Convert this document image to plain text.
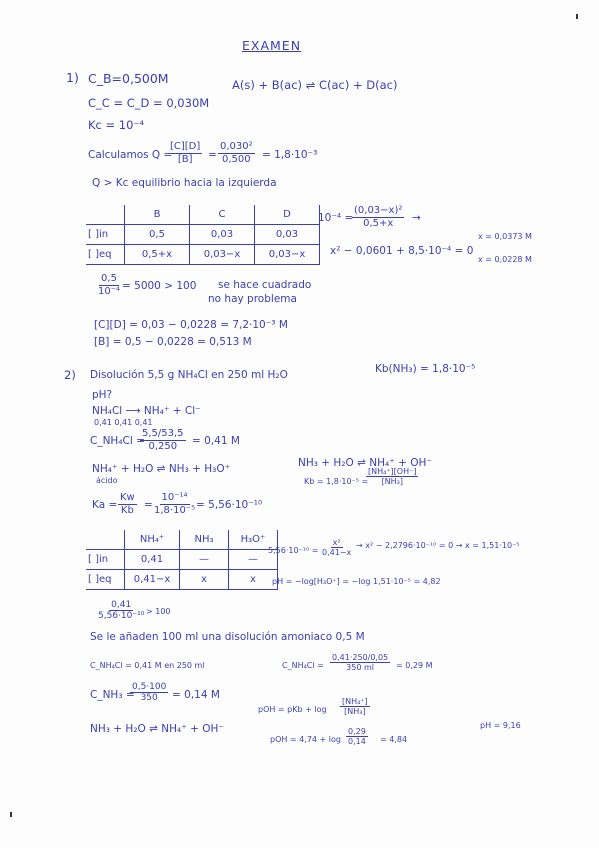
EXAMEN
1) C_B=0,500M	A(s) + B(ac) ⇌ C(ac) + D(ac)
C_C = C_D = 0,030M
Kc = 10⁻⁴
Calculamos Q =
$\frac{[C][D]}{[B]} = \frac{\text{0,030²}}{0,500} = 1,8\cdot 10^{-3}$
Q > Kc equilibrio hacia la izquierda
	B	C	D
[ ]in	0,5	0,03	0,03
[ ]eq	0,5+x	0,03−x	0,03−x
10⁻⁴ =
$\frac{\text{(0,03−x)²}}{0,5+x}$ →
x² − 0,0601 + 8,5·10⁻⁴ = 0
x = 0,0373 M
x = 0,0228 M
$\frac{0,5}{\text{10⁻⁴}} = 5000 > 100$ se hace cuadrado
no hay problema
[C][D] = 0,03 − 0,0228 = 7,2·10⁻³ M
[B] = 0,5 − 0,0228 = 0,513 M
2) Disolución 5,5 g NH₄Cl en 250 ml H₂O	Kb(NH₃) = 1,8·10⁻⁵
pH?
NH₄Cl ⟶ NH₄⁺ + Cl⁻
0,41 0,41 0,41
C_NH₄Cl =
$\frac{5,5/53,5}{0,250} = 0,41$ M
NH₄⁺ + H₂O ⇌ NH₃ + H₃O⁺
ácido
NH₃ + H₂O ⇌ NH₄⁺ + OH⁻
Kb = 1,8·10⁻⁵ =
$\frac{\text{[NH₄⁺][OH⁻]}}{\text{[NH₃]}}$
$Ka = \frac{Kw}{Kb} = \frac{\text{10⁻¹⁴}}{\text{1,8·10⁻⁵}}$
= 5,56·10⁻¹⁰
	NH₄⁺	NH₃	H₃O⁺
[ ]in	0,41	—	—
[ ]eq	0,41−x	x	x
$5,56\cdot 10^{-10} = \frac{\text{x²}}{0,41-x} \to x^2 - 2,2796\cdot 10^{-10} = 0 \to x = 1,51\cdot 10^{-5}$
pH = −log[H₃O⁺] = −log 1,51·10⁻⁵ = 4,82
$\frac{0,41}{\text{5,56·10⁻¹⁰}} > 100$
Se le añaden 100 ml una disolución amoniaco 0,5 M
C_NH₄Cl = 0,41 M en 250 ml	C_NH₄Cl = $\frac{0,41\cdot 250/0,05}{350 ml} = 0,29$ M
C_NH₃ =
$\frac{0,5\cdot 100}{350} = 0,14$ M
pOH = pKb + $\log \frac{\text{[NH₄⁺]}}{\text{[NH₃]}}$
NH₃ + H₂O ⇌ NH₄⁺ + OH⁻
pOH = $4,74 + \log \frac{0,29}{0,14} = 4,84$
pH = 9,16
